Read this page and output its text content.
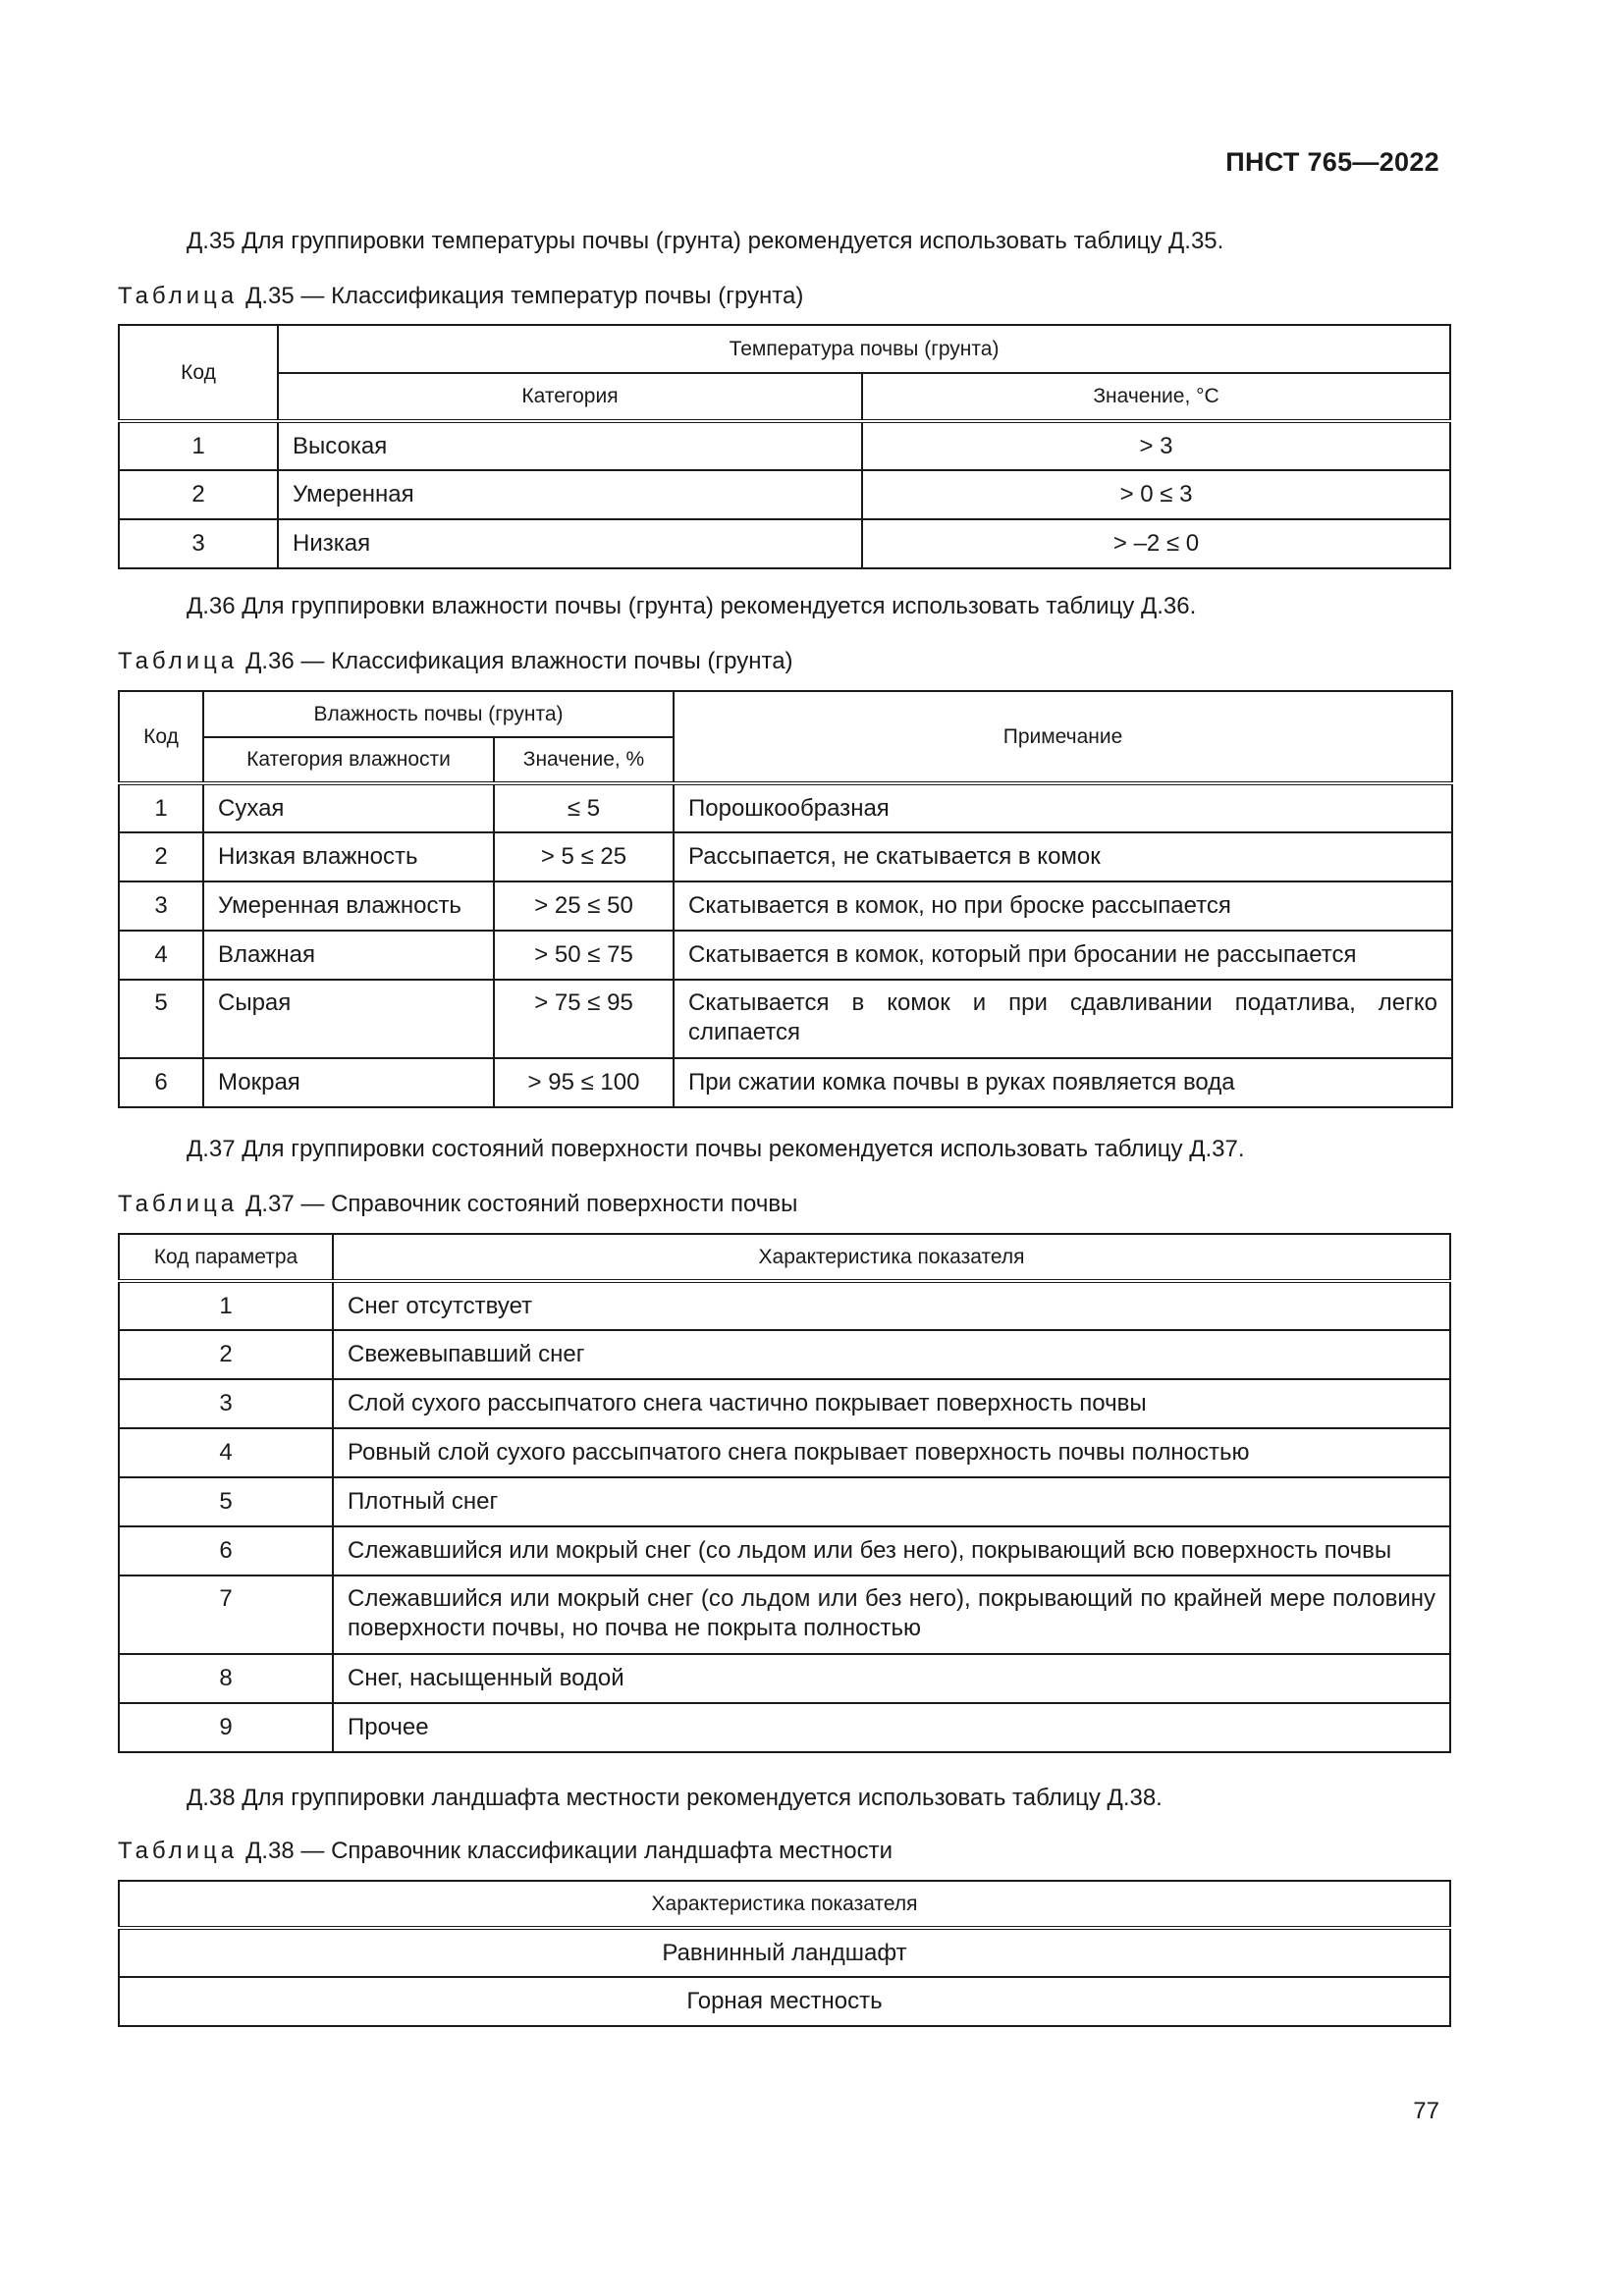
ПНСТ 765—2022
Д.35 Для группировки температуры почвы (грунта) рекомендуется использовать таблицу Д.35.
Таблица Д.35 — Классификация температур почвы (грунта)
Код	Температура почвы (грунта)	
	Категория	Значение, °С
1	Высокая	> 3
2	Умеренная	> 0 ≤ 3
3	Низкая	> –2 ≤ 0
Д.36 Для группировки влажности почвы (грунта) рекомендуется использовать таблицу Д.36.
Таблица Д.36 — Классификация влажности почвы (грунта)
Код	Влажность почвы (грунта)		Примечание
	Категория влажности	Значение, %	
1	Сухая	≤ 5	Порошкообразная
2	Низкая влажность	> 5 ≤ 25	Рассыпается, не скатывается в комок
3	Умеренная влажность	> 25 ≤ 50	Скатывается в комок, но при броске рассыпается
4	Влажная	> 50 ≤ 75	Скатывается в комок, который при бросании не рассыпается
5	Сырая	> 75 ≤ 95	Скатывается в комок и при сдавливании податлива, легко слипается
6	Мокрая	> 95 ≤ 100	При сжатии комка почвы в руках появляется вода
Д.37 Для группировки состояний поверхности почвы рекомендуется использовать таблицу Д.37.
Таблица Д.37 — Справочник состояний поверхности почвы
Код параметра	Характеристика показателя
1	Снег отсутствует
2	Свежевыпавший снег
3	Слой сухого рассыпчатого снега частично покрывает поверхность почвы
4	Ровный слой сухого рассыпчатого снега покрывает поверхность почвы полностью
5	Плотный снег
6	Слежавшийся или мокрый снег (со льдом или без него), покрывающий всю поверхность почвы
7	Слежавшийся или мокрый снег (со льдом или без него), покрывающий по крайней мере половину поверхности почвы, но почва не покрыта полностью
8	Снег, насыщенный водой
9	Прочее
Д.38 Для группировки ландшафта местности рекомендуется использовать таблицу Д.38.
Таблица Д.38 — Справочник классификации ландшафта местности
Характеристика показателя
Равнинный ландшафт
Горная местность
77
